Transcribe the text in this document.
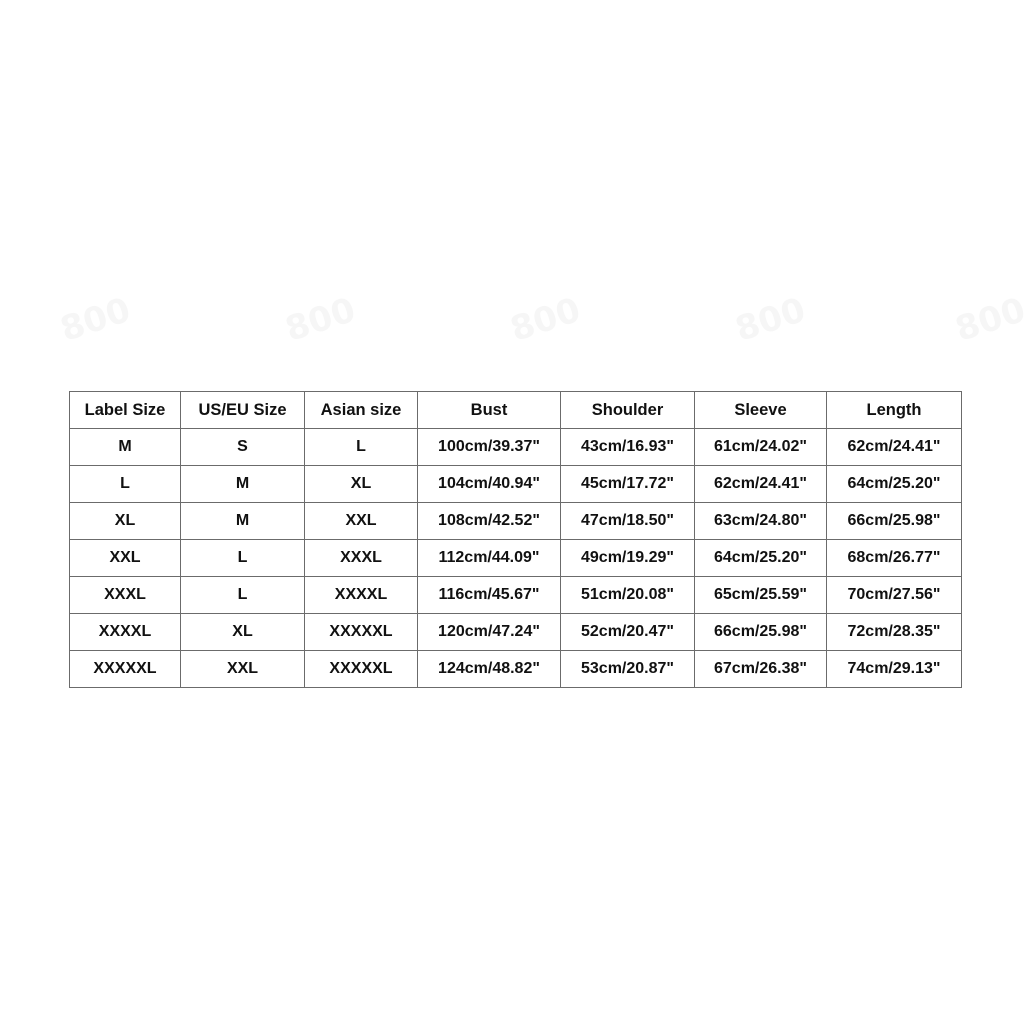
Label Size	US/EU Size	Asian size	Bust	Shoulder	Sleeve	Length
M	S	L	100cm/39.37"	43cm/16.93"	61cm/24.02"	62cm/24.41"
L	M	XL	104cm/40.94"	45cm/17.72"	62cm/24.41"	64cm/25.20"
XL	M	XXL	108cm/42.52"	47cm/18.50"	63cm/24.80"	66cm/25.98"
XXL	L	XXXL	112cm/44.09"	49cm/19.29"	64cm/25.20"	68cm/26.77"
XXXL	L	XXXXL	116cm/45.67"	51cm/20.08"	65cm/25.59"	70cm/27.56"
XXXXL	XL	XXXXXL	120cm/47.24"	52cm/20.47"	66cm/25.98"	72cm/28.35"
XXXXXL	XXL	XXXXXL	124cm/48.82"	53cm/20.87"	67cm/26.38"	74cm/29.13"
